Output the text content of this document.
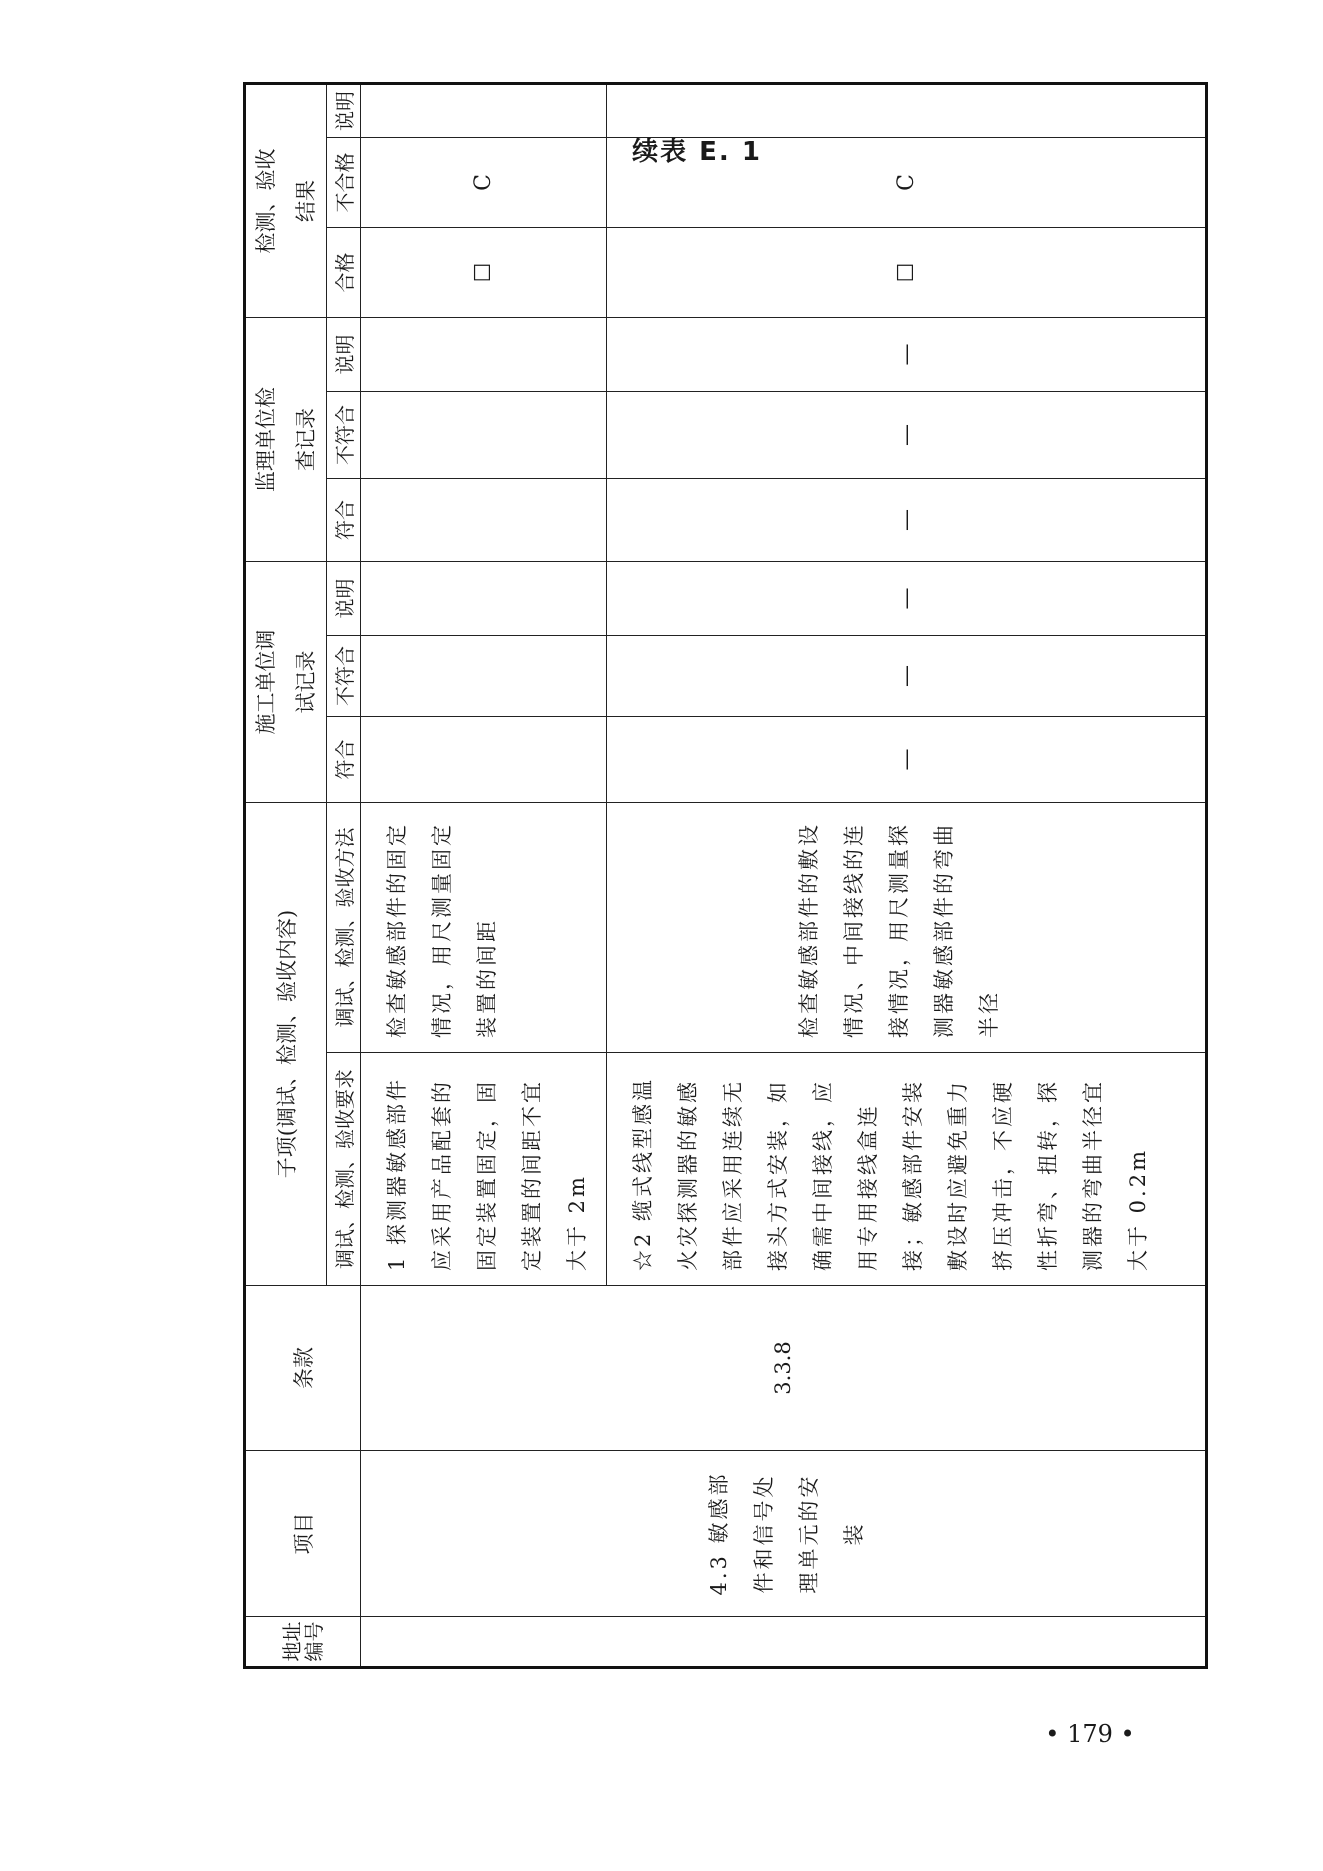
地址编号	项目	条款	子项(调试、检测、验收内容)		施工单位调试记录			监理单位检查记录			检测、验收结果		
			调试、检测、验收要求	调试、检测、验收方法	符合	不符合	说明	符合	不符合	说明	合格	不合格	说明
	4.3 敏感部件和信号处理单元的安装	3.3.8	1 探测器敏感部件应采用产品配套的固定装置固定，固定装置的间距不宜大于 2m	检查敏感部件的固定情况，用尺测量固定装置的间距							☐	C	
			☆2 缆式线型感温火灾探测器的敏感部件应采用连续无接头方式安装，如确需中间接线，应用专用接线盒连接；敏感部件安装敷设时应避免重力挤压冲击，不应硬性折弯、扭转，探测器的弯曲半径宜大于 0.2m	检查敏感部件的敷设情况、中间接线的连接情况，用尺测量探测器敏感部件的弯曲半径	—	—	—	—	—	—	☐	C	
续表 E. 1
• 179 •
